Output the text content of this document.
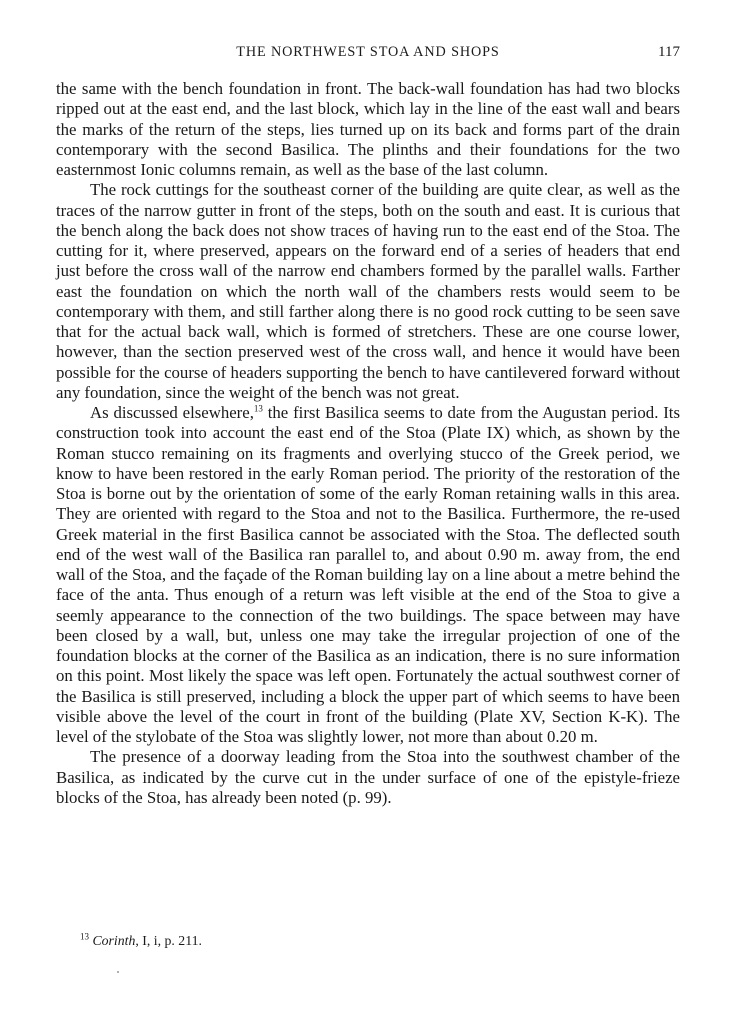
THE NORTHWEST STOA AND SHOPS	117

the same with the bench foundation in front. The back-wall foundation has had two blocks ripped out at the east end, and the last block, which lay in the line of the east wall and bears the marks of the return of the steps, lies turned up on its back and forms part of the drain contemporary with the second Basilica. The plinths and their foundations for the two easternmost Ionic columns remain, as well as the base of the last column.

The rock cuttings for the southeast corner of the building are quite clear, as well as the traces of the narrow gutter in front of the steps, both on the south and east. It is curious that the bench along the back does not show traces of having run to the east end of the Stoa. The cutting for it, where preserved, appears on the forward end of a series of headers that end just before the cross wall of the narrow end chambers formed by the parallel walls. Farther east the foundation on which the north wall of the chambers rests would seem to be contemporary with them, and still farther along there is no good rock cutting to be seen save that for the actual back wall, which is formed of stretchers. These are one course lower, however, than the section preserved west of the cross wall, and hence it would have been possible for the course of headers supporting the bench to have cantilevered forward without any foundation, since the weight of the bench was not great.

As discussed elsewhere,$^{13}$ the first Basilica seems to date from the Augustan period. Its construction took into account the east end of the Stoa (Plate IX) which, as shown by the Roman stucco remaining on its fragments and overlying stucco of the Greek period, we know to have been restored in the early Roman period. The priority of the restoration of the Stoa is borne out by the orientation of some of the early Roman retaining walls in this area. They are oriented with regard to the Stoa and not to the Basilica. Furthermore, the re-used Greek material in the first Basilica cannot be associated with the Stoa. The deflected south end of the west wall of the Basilica ran parallel to, and about 0.90 m. away from, the end wall of the Stoa, and the façade of the Roman building lay on a line about a metre behind the face of the anta. Thus enough of a return was left visible at the end of the Stoa to give a seemly appearance to the connection of the two buildings. The space between may have been closed by a wall, but, unless one may take the irregular projection of one of the foundation blocks at the corner of the Basilica as an indication, there is no sure information on this point. Most likely the space was left open. Fortunately the actual southwest corner of the Basilica is still preserved, including a block the upper part of which seems to have been visible above the level of the court in front of the building (Plate XV, Section K-K). The level of the stylobate of the Stoa was slightly lower, not more than about 0.20 m.

The presence of a doorway leading from the Stoa into the southwest chamber of the Basilica, as indicated by the curve cut in the under surface of one of the epistyle-frieze blocks of the Stoa, has already been noted (p. 99).

$^{13}$ Corinth, I, i, p. 211.
